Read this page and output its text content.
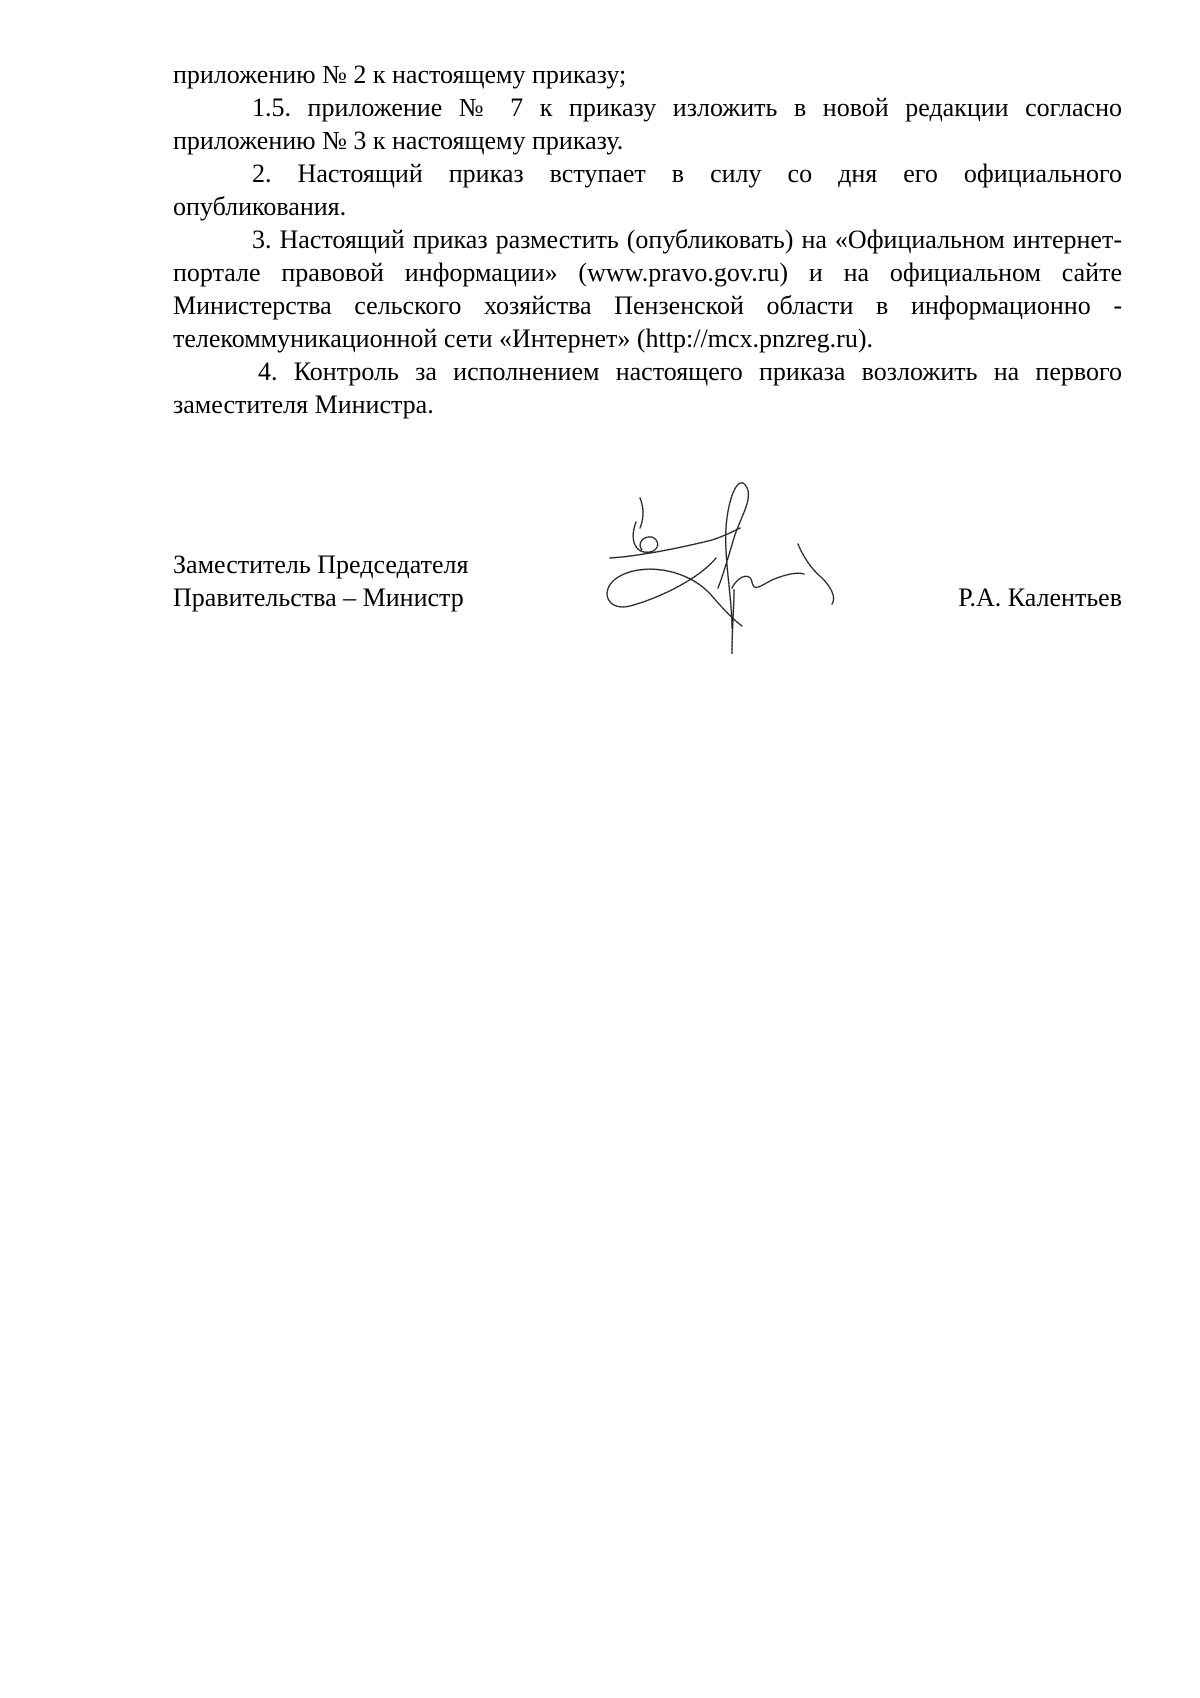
приложению № 2 к настоящему приказу;

1.5. приложение № 7 к приказу изложить в новой редакции согласно приложению № 3 к настоящему приказу.

2. Настоящий приказ вступает в силу со дня его официального опубликования.

3. Настоящий приказ разместить (опубликовать) на «Официальном интернет-портале правовой информации» (www.pravo.gov.ru) и на официальном сайте Министерства сельского хозяйства Пензенской области в информационно - телекоммуникационной сети «Интернет» (http://mcx.pnzreg.ru).

4. Контроль за исполнением настоящего приказа возложить на первого заместителя Министра.

Заместитель Председателя
Правительства – Министр	Р.А. Калентьев
